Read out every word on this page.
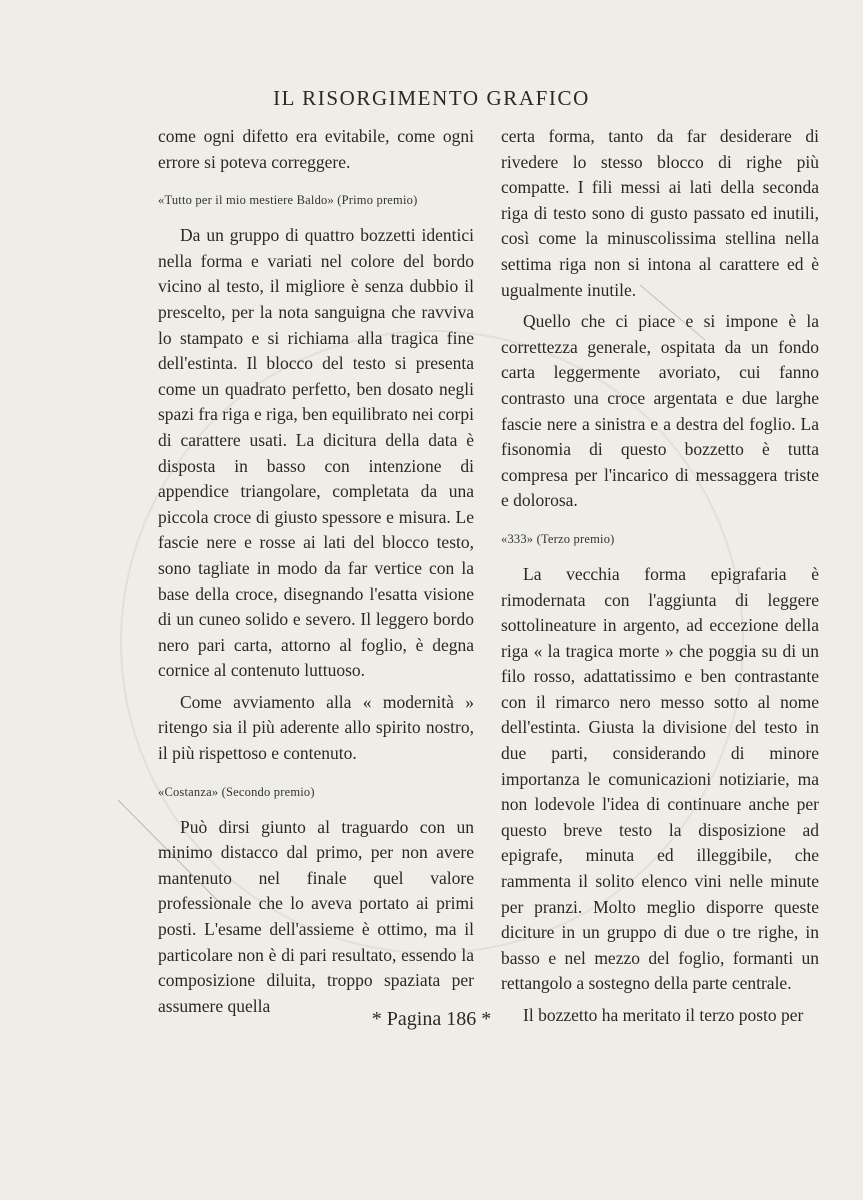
IL RISORGIMENTO GRAFICO

come ogni difetto era evitabile, come ogni errore si poteva correggere.

«Tutto per il mio mestiere Baldo» (Primo premio)

Da un gruppo di quattro bozzetti identici nella forma e variati nel colore del bordo vicino al testo, il migliore è senza dubbio il prescelto, per la nota sanguigna che ravviva lo stampato e si richiama alla tragica fine dell'estinta. Il blocco del testo si presenta come un quadrato perfetto, ben dosato negli spazi fra riga e riga, ben equilibrato nei corpi di carattere usati. La dicitura della data è disposta in basso con intenzione di appendice triangolare, completata da una piccola croce di giusto spessore e misura. Le fascie nere e rosse ai lati del blocco testo, sono tagliate in modo da far vertice con la base della croce, disegnando l'esatta visione di un cuneo solido e severo. Il leggero bordo nero pari carta, attorno al foglio, è degna cornice al contenuto luttuoso.

Come avviamento alla « modernità » ritengo sia il più aderente allo spirito nostro, il più rispettoso e contenuto.

«Costanza» (Secondo premio)

Può dirsi giunto al traguardo con un minimo distacco dal primo, per non avere mantenuto nel finale quel valore professionale che lo aveva portato ai primi posti. L'esame dell'assieme è ottimo, ma il particolare non è di pari resultato, essendo la composizione diluita, troppo spaziata per assumere quella

certa forma, tanto da far desiderare di rivedere lo stesso blocco di righe più compatte. I fili messi ai lati della seconda riga di testo sono di gusto passato ed inutili, così come la minuscolissima stellina nella settima riga non si intona al carattere ed è ugualmente inutile.

Quello che ci piace e si impone è la correttezza generale, ospitata da un fondo carta leggermente avoriato, cui fanno contrasto una croce argentata e due larghe fascie nere a sinistra e a destra del foglio. La fisonomia di questo bozzetto è tutta compresa per l'incarico di messaggera triste e dolorosa.

«333» (Terzo premio)

La vecchia forma epigrafaria è rimodernata con l'aggiunta di leggere sottolineature in argento, ad eccezione della riga « la tragica morte » che poggia su di un filo rosso, adattatissimo e ben contrastante con il rimarco nero messo sotto al nome dell'estinta. Giusta la divisione del testo in due parti, considerando di minore importanza le comunicazioni notiziarie, ma non lodevole l'idea di continuare anche per questo breve testo la disposizione ad epigrafe, minuta ed illeggibile, che rammenta il solito elenco vini nelle minute per pranzi. Molto meglio disporre queste diciture in un gruppo di due o tre righe, in basso e nel mezzo del foglio, formanti un rettangolo a sostegno della parte centrale.

Il bozzetto ha meritato il terzo posto per

* Pagina 186 *
